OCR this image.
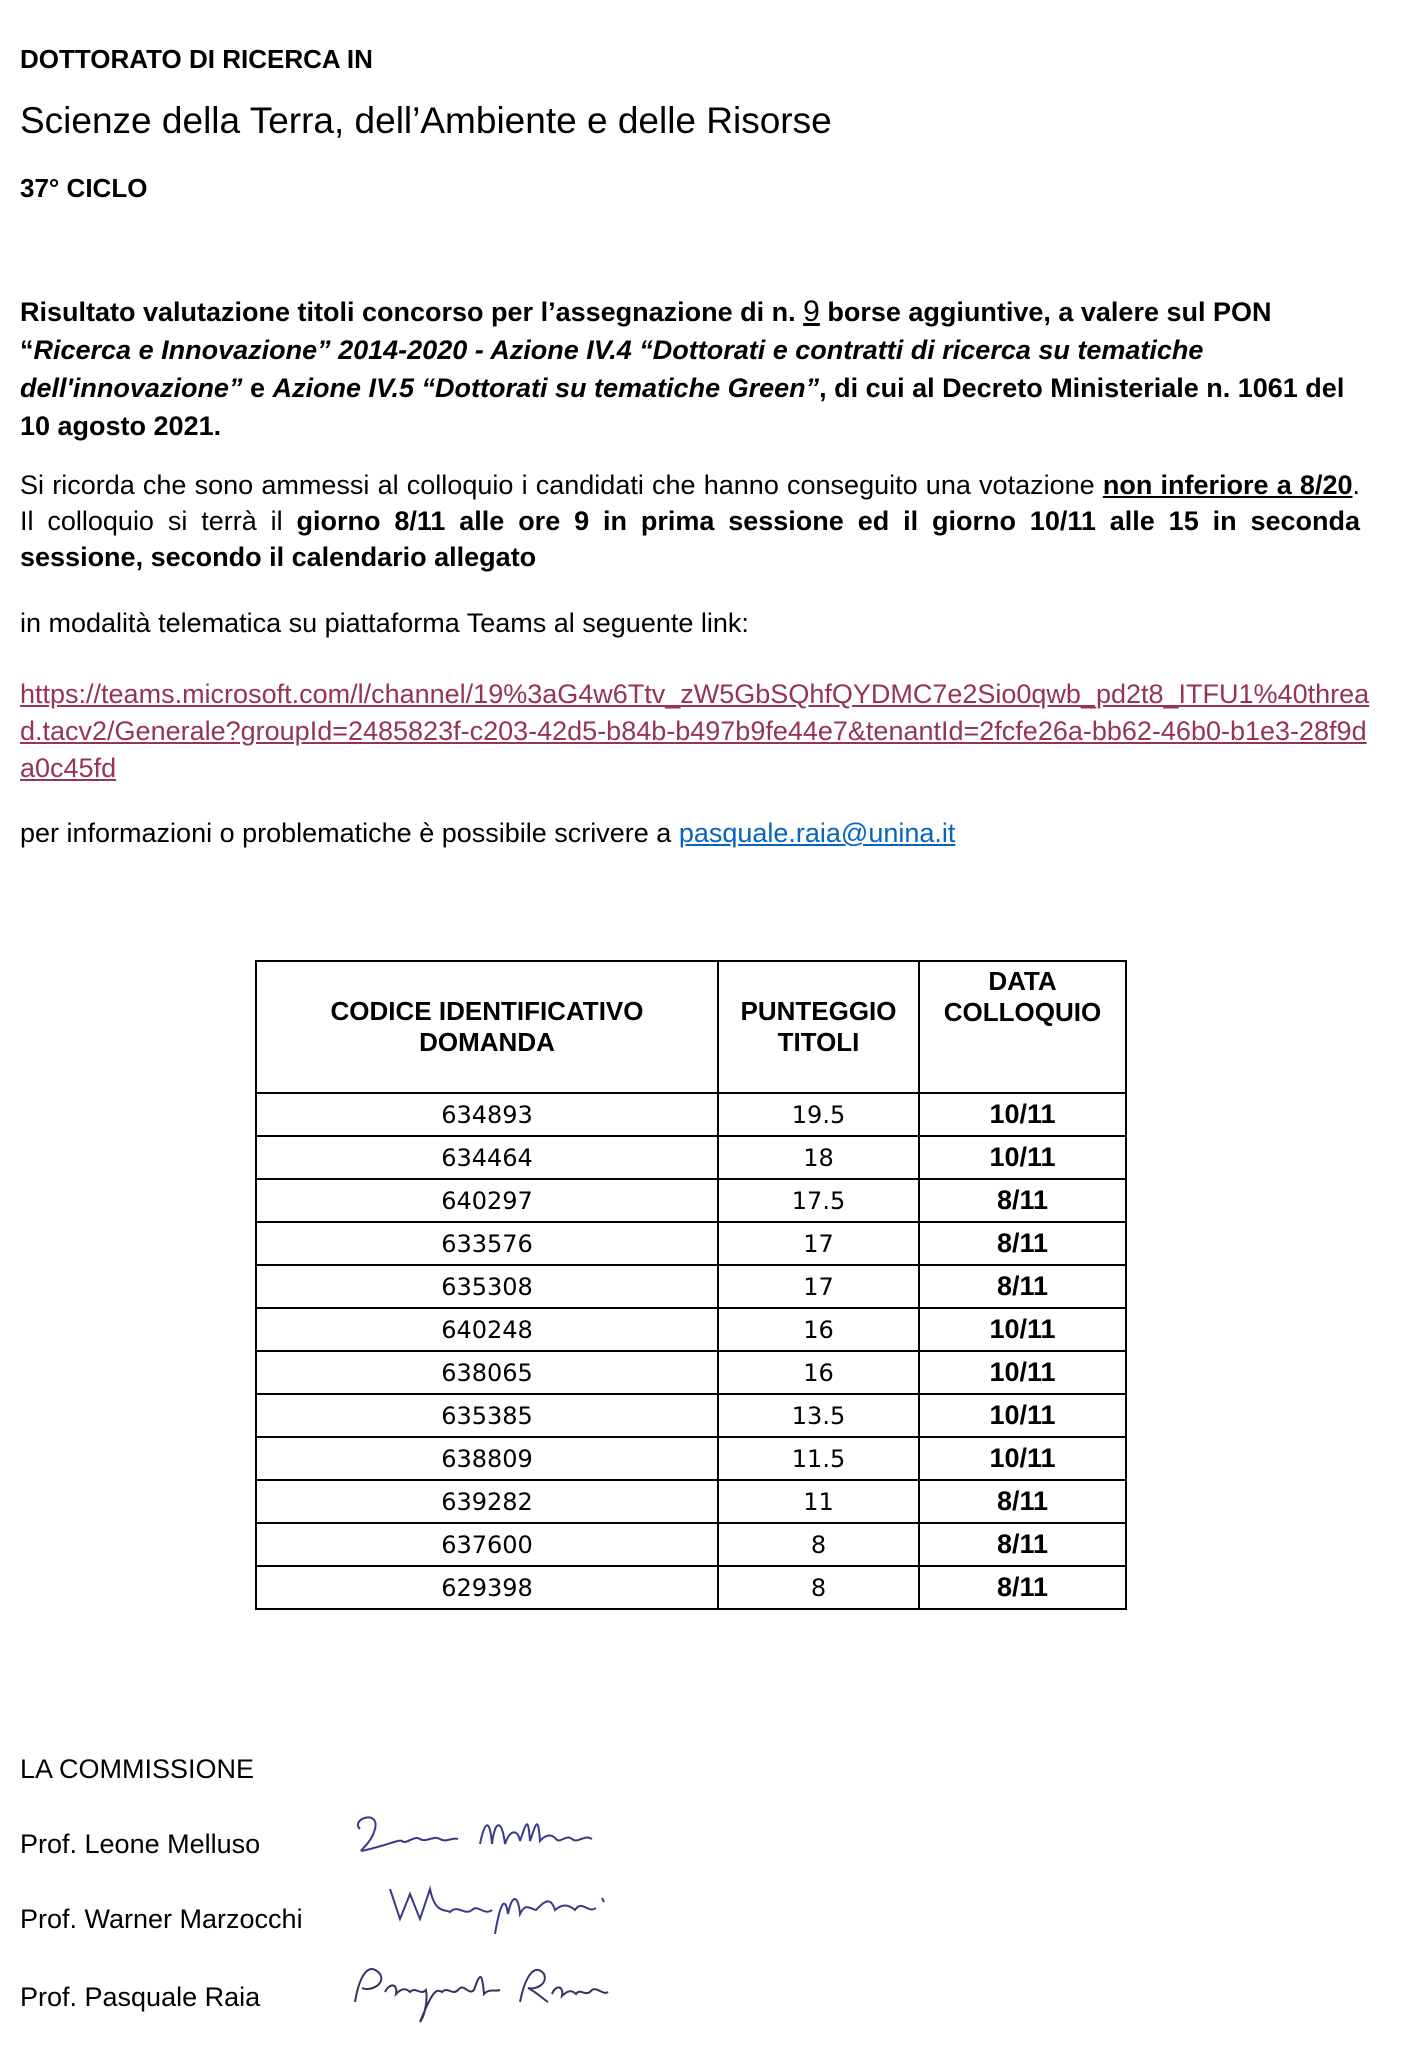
DOTTORATO DI RICERCA IN
Scienze della Terra, dell’Ambiente e delle Risorse
37° CICLO
Risultato valutazione titoli concorso per l’assegnazione di n. 9 borse aggiuntive, a valere sul PON “Ricerca e Innovazione” 2014-2020 - Azione IV.4 “Dottorati e contratti di ricerca su tematiche dell'innovazione” e Azione IV.5 “Dottorati su tematiche Green”, di cui al Decreto Ministeriale n. 1061 del 10 agosto 2021.
Si ricorda che sono ammessi al colloquio i candidati che hanno conseguito una votazione non inferiore a 8/20. Il colloquio si terrà il giorno 8/11 alle ore 9 in prima sessione ed il giorno 10/11 alle 15 in seconda sessione, secondo il calendario allegato
in modalità telematica su piattaforma Teams al seguente link:
https://teams.microsoft.com/l/channel/19%3aG4w6Ttv_zW5GbSQhfQYDMC7e2Sio0qwb_pd2t8_ITFU1%40thread.tacv2/Generale?groupId=2485823f-c203-42d5-b84b-b497b9fe44e7&tenantId=2fcfe26a-bb62-46b0-b1e3-28f9da0c45fd
per informazioni o problematiche è possibile scrivere a pasquale.raia@unina.it
CODICE IDENTIFICATIVO DOMANDA	PUNTEGGIO TITOLI	DATA COLLOQUIO

634893	19.5	10/11
634464	18	10/11
640297	17.5	8/11
633576	17	8/11
635308	17	8/11
640248	16	10/11
638065	16	10/11
635385	13.5	10/11
638809	11.5	10/11
639282	11	8/11
637600	8	8/11
629398	8	8/11
LA COMMISSIONE
Prof. Leone Melluso
Leone Melluso
Prof. Warner Marzocchi
Warner Marzocchi
Prof. Pasquale Raia
Pasquale Raia
